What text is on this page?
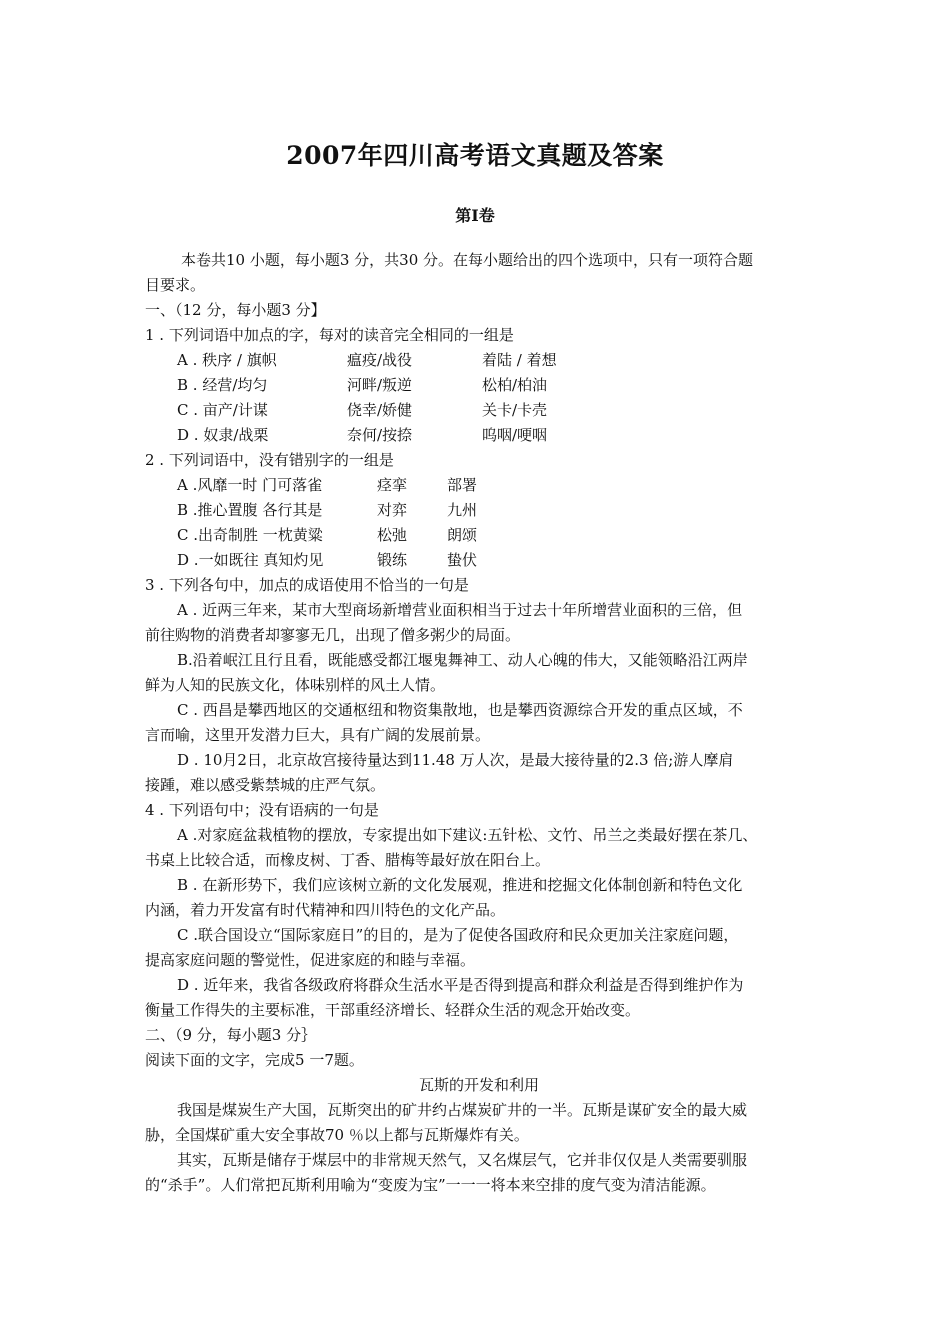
2007年四川高考语文真题及答案
第Ⅰ卷
本卷共10 小题，每小题3 分，共30 分。在每小题给出的四个选项中，只有一项符合题
目要求。
一、（12 分，每小题3 分】
1 . 下列词语中加点的字，每对的读音完全相同的一组是
A . 秩序 / 旗帜	瘟疫/战役	着陆 / 着想
B . 经营/均匀	河畔/叛逆	松柏/柏油
C . 亩产/计谋	侥幸/娇健	关卡/卡壳
D . 奴隶/战栗	奈何/按捺	呜咽/哽咽
2 . 下列词语中，没有错别字的一组是
A .风靡一时 门可落雀	痉挛	部署
B .推心置腹 各行其是	对弈	九州
C .出奇制胜 一枕黄粱	松弛	朗颂
D .一如既往 真知灼见	锻练	蛰伏
3 . 下列各句中，加点的成语使用不恰当的一句是
A . 近两三年来，某市大型商场新增营业面积相当于过去十年所增营业面积的三倍，但
前往购物的消费者却寥寥无几，出现了僧多粥少的局面。
B.沿着岷江且行且看，既能感受都江堰鬼舞神工、动人心魄的伟大，又能领略沿江两岸
鲜为人知的民族文化，体味别样的风土人情。
C . 西昌是攀西地区的交通枢纽和物资集散地，也是攀西资源综合开发的重点区域，不
言而喻，这里开发潜力巨大，具有广阔的发展前景。
D . 10月2日，北京故宫接待量达到11.48 万人次，是最大接待量的2.3 倍;游人摩肩
接踵，难以感受紫禁城的庄严气氛。
4 . 下列语句中；没有语病的一句是
A .对家庭盆栽植物的摆放，专家提出如下建议:五针松、文竹、吊兰之类最好摆在茶几、
书桌上比较合适，而橡皮树、丁香、腊梅等最好放在阳台上。
B . 在新形势下，我们应该树立新的文化发展观，推进和挖掘文化体制创新和特色文化
内涵，着力开发富有时代精神和四川特色的文化产品。
C .联合国设立“国际家庭日”的目的，是为了促使各国政府和民众更加关注家庭问题，
提高家庭问题的警觉性，促进家庭的和睦与幸福。
D . 近年来，我省各级政府将群众生活水平是否得到提高和群众利益是否得到维护作为
衡量工作得失的主要标准，干部重经济增长、轻群众生活的观念开始改变。
二、（9 分，每小题3 分｝
阅读下面的文字，完成5 一7题。
瓦斯的开发和利用
我国是煤炭生产大国，瓦斯突出的矿井约占煤炭矿井的一半。瓦斯是谋矿安全的最大威
胁，全国煤矿重大安全事故70 ％以上都与瓦斯爆炸有关。
其实，瓦斯是储存于煤层中的非常规天然气，又名煤层气，它并非仅仅是人类需要驯服
的“杀手”。人们常把瓦斯利用喻为“变废为宝”一一一将本来空排的度气变为清洁能源。
